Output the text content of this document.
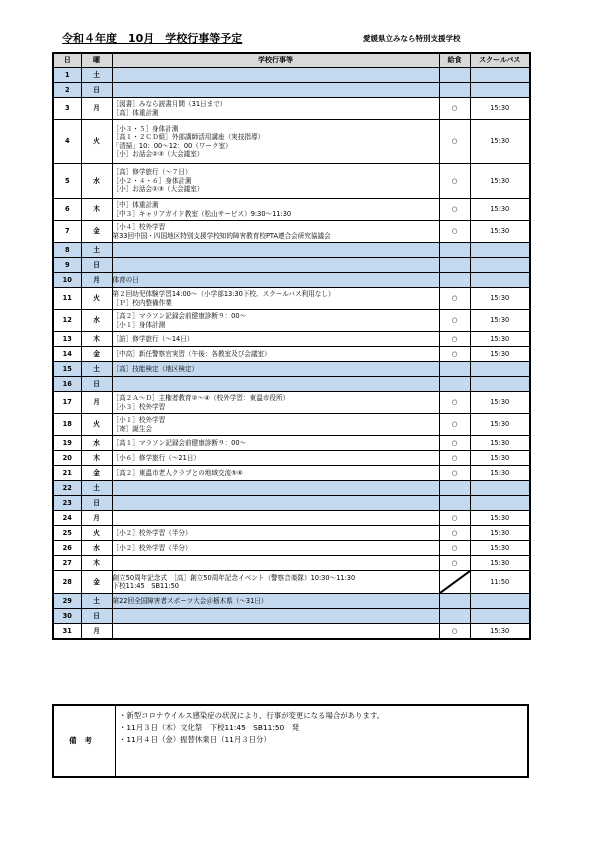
令和４年度　10月　学校行事等予定	愛媛県立みなら特別支援学校
日	曜	学校行事等	給食	スクールバス
1	土			
2	日			
3	月	［図書］みなら読書月間（31日まで）
［高］体重計測	○	15:30
4	火	［小３・５］身体計測
［高１・２ＣＤ組］外部講師活用講座（実技指導）
「清掃」10：00～12：00（ワーク室）
［小］お話会②③（大会議室）	○	15:30
5	水	［高］修学旅行（～７日）
［小２・４・６］身体計測
［小］お話会②③（大会議室）	○	15:30
6	木	［中］体重計測
［中３］キャリアガイド教室（松山サービス）9:30～11:30	○	15:30
7	金	［小４］校外学習
第33回中国・四国地区特別支援学校知的障害教育校PTA連合会研究協議会	○	15:30
8	土			
9	日			
10	月	体育の日		

11	火	第２回幼児体験学習14:00～（小学部13:30下校、スクールバス利用なし）
［Ｐ］校内整備作業	○	15:30
12	水	［高２］マラソン記録会前健康診断９：00～
［小１］身体計測	○	15:30
13	木	［訪］修学旅行（～14日）	○	15:30
14	金	［中高］新任警察官実習（午後：各教室及び会議室）	○	15:30
15	土	［高］技能検定（地区検定）		

16	日			
17	月	［高２Ａ～Ｄ］主権者教育②～④（校外学習：東温市役所）
［小３］校外学習	○	15:30
18	火	［小１］校外学習
［寄］誕生会	○	15:30
19	水	［高１］マラソン記録会前健康診断９：00～	○	15:30
20	木	［小６］修学旅行（～21日）	○	15:30
21	金	［高２］東温市老人クラブとの地域交流⑤⑥	○	15:30
22	土			
23	日			
24	月		○	15:30
25	火	［小２］校外学習（半分）	○	15:30
26	水	［小２］校外学習（半分）	○	15:30
27	木		○	15:30
28	金	創立50周年記念式　［高］創立50周年記念イベント（警察音楽隊）10:30～11:30
下校11:45　SB11:50		11:50
29	土	第22回全国障害者スポーツ大会＠栃木県（～31日）		

30	日			
31	月		○	15:30
備考	
・新型コロナウイルス感染症の状況により、行事が変更になる場合があります。
・11月３日（木）文化祭　下校11:45　SB11:50　発
・11月４日（金）振替休業日（11月３日分）
